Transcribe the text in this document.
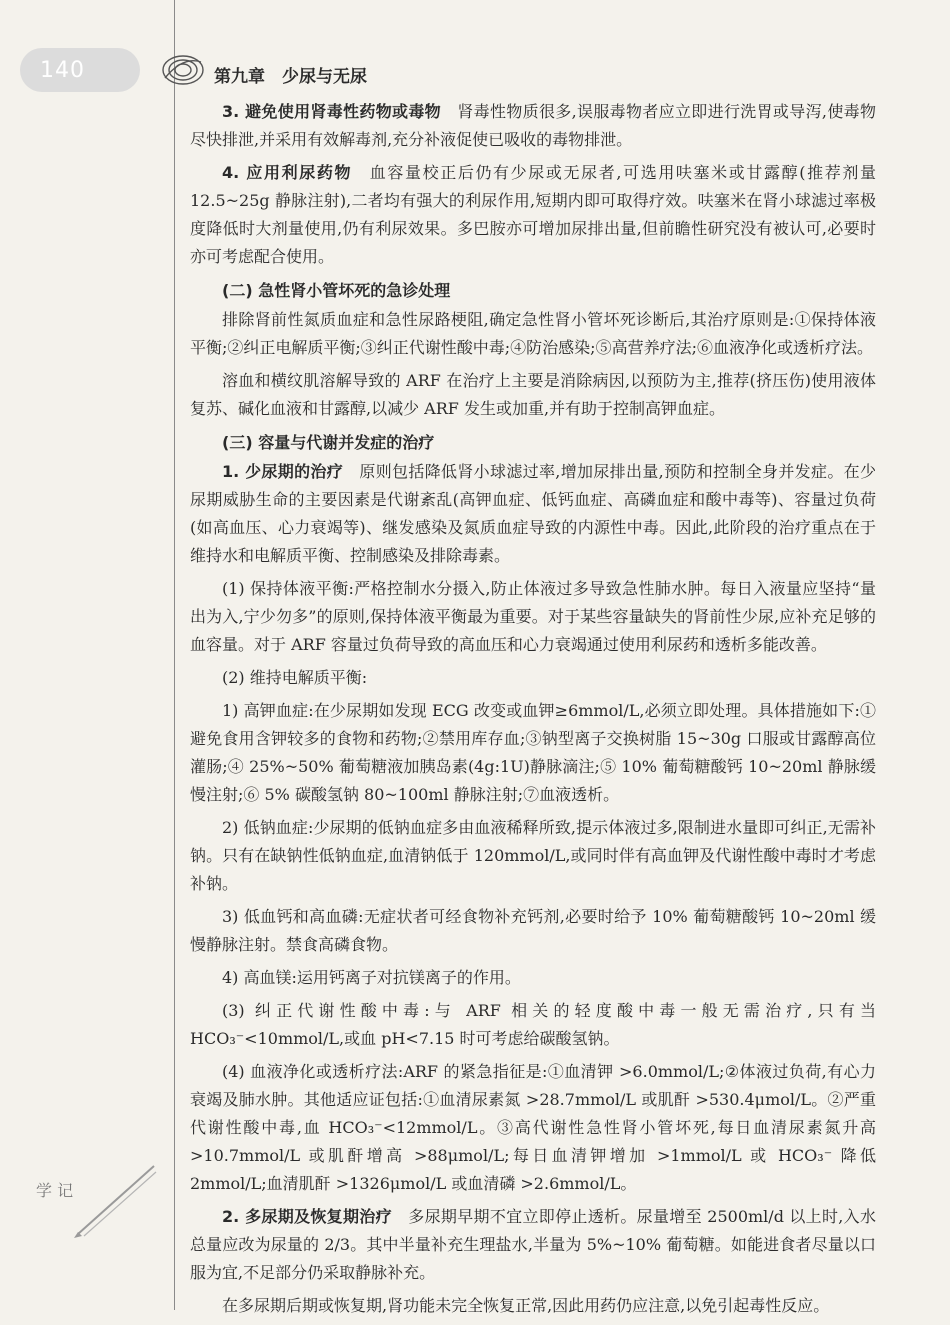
140	第九章　少尿与无尿

3. 避免使用肾毒性药物或毒物　 肾毒性物质很多,误服毒物者应立即进行洗胃或导泻,使毒物尽快排泄,并采用有效解毒剂,充分补液促使已吸收的毒物排泄。

4. 应用利尿药物　 血容量校正后仍有少尿或无尿者,可选用呋塞米或甘露醇(推荐剂量12.5~25g 静脉注射),二者均有强大的利尿作用,短期内即可取得疗效。呋塞米在肾小球滤过率极度降低时大剂量使用,仍有利尿效果。多巴胺亦可增加尿排出量,但前瞻性研究没有被认可,必要时亦可考虑配合使用。

(二) 急性肾小管坏死的急诊处理

排除肾前性氮质血症和急性尿路梗阻,确定急性肾小管坏死诊断后,其治疗原则是:①保持体液平衡;②纠正电解质平衡;③纠正代谢性酸中毒;④防治感染;⑤高营养疗法;⑥血液净化或透析疗法。

溶血和横纹肌溶解导致的 ARF 在治疗上主要是消除病因,以预防为主,推荐(挤压伤)使用液体复苏、碱化血液和甘露醇,以减少 ARF 发生或加重,并有助于控制高钾血症。

(三) 容量与代谢并发症的治疗

1. 少尿期的治疗　 原则包括降低肾小球滤过率,增加尿排出量,预防和控制全身并发症。在少尿期威胁生命的主要因素是代谢紊乱(高钾血症、低钙血症、高磷血症和酸中毒等)、容量过负荷(如高血压、心力衰竭等)、继发感染及氮质血症导致的内源性中毒。因此,此阶段的治疗重点在于维持水和电解质平衡、控制感染及排除毒素。

(1) 保持体液平衡:严格控制水分摄入,防止体液过多导致急性肺水肿。每日入液量应坚持“量出为入,宁少勿多”的原则,保持体液平衡最为重要。对于某些容量缺失的肾前性少尿,应补充足够的血容量。对于 ARF 容量过负荷导致的高血压和心力衰竭通过使用利尿药和透析多能改善。

(2) 维持电解质平衡:

1) 高钾血症:在少尿期如发现 ECG 改变或血钾≥6mmol/L,必须立即处理。具体措施如下:①避免食用含钾较多的食物和药物;②禁用库存血;③钠型离子交换树脂 15~30g 口服或甘露醇高位灌肠;④ 25%~50% 葡萄糖液加胰岛素(4g:1U)静脉滴注;⑤ 10% 葡萄糖酸钙 10~20ml 静脉缓慢注射;⑥ 5% 碳酸氢钠 80~100ml 静脉注射;⑦血液透析。

2) 低钠血症:少尿期的低钠血症多由血液稀释所致,提示体液过多,限制进水量即可纠正,无需补钠。只有在缺钠性低钠血症,血清钠低于 120mmol/L,或同时伴有高血钾及代谢性酸中毒时才考虑补钠。

3) 低血钙和高血磷:无症状者可经食物补充钙剂,必要时给予 10% 葡萄糖酸钙 10~20ml 缓慢静脉注射。禁食高磷食物。

4) 高血镁:运用钙离子对抗镁离子的作用。

(3) 纠正代谢性酸中毒:与 ARF 相关的轻度酸中毒一般无需治疗,只有当 HCO₃⁻<10mmol/L,或血 pH<7.15 时可考虑给碳酸氢钠。

(4) 血液净化或透析疗法:ARF 的紧急指征是:①血清钾 >6.0mmol/L;②体液过负荷,有心力衰竭及肺水肿。其他适应证包括:①血清尿素氮 >28.7mmol/L 或肌酐 >530.4μmol/L。②严重代谢性酸中毒,血 HCO₃⁻<12mmol/L。③高代谢性急性肾小管坏死,每日血清尿素氮升高 >10.7mmol/L 或肌酐增高 >88μmol/L;每日血清钾增加 >1mmol/L 或 HCO₃⁻ 降低 2mmol/L;血清肌酐 >1326μmol/L 或血清磷 >2.6mmol/L。

2. 多尿期及恢复期治疗　 多尿期早期不宜立即停止透析。尿量增至 2500ml/d 以上时,入水总量应改为尿量的 2/3。其中半量补充生理盐水,半量为 5%~10% 葡萄糖。如能进食者尽量以口服为宜,不足部分仍采取静脉补充。

在多尿期后期或恢复期,肾功能未完全恢复正常,因此用药仍应注意,以免引起毒性反应。

学 记
